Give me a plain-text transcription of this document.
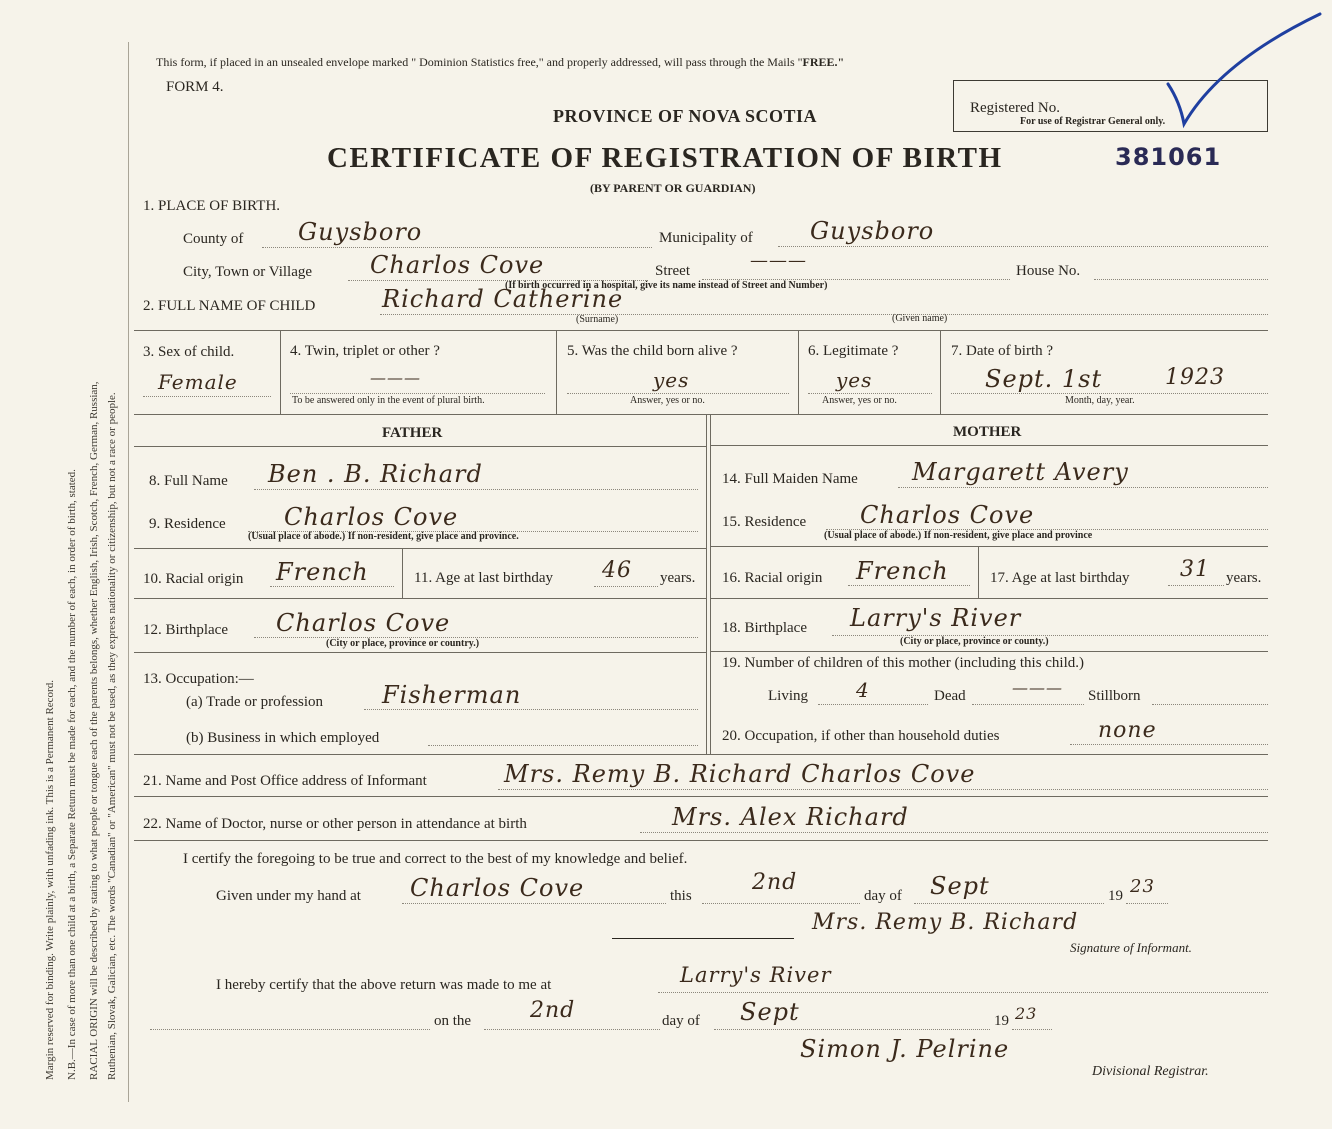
Margin reserved for binding. Write plainly, with unfading ink. This is a Permanent Record. N.B.—In case of more than one child at a birth, a Separate Return must be made for each, and the number of each, in order of birth, stated. RACIAL ORIGIN will be described by stating to what people or tongue each of the parents belongs, whether English, Irish, Scotch, French, German, Russian, Ruthenian, Slovak, Galician, etc. The words "Canadian" or "American" must not be used, as they express nationality or citizenship, but not a race or people.
This form, if placed in an unsealed envelope marked " Dominion Statistics free," and properly addressed, will pass through the Mails "FREE."
FORM 4.
PROVINCE OF NOVA SCOTIA
CERTIFICATE OF REGISTRATION OF BIRTH
(BY PARENT OR GUARDIAN)
Registered No.
For use of Registrar General only.
381061
1. PLACE OF BIRTH.
County of Guysboro	Municipality of Guysboro
City, Town or Village Charlos Cove	Street	———	House No.
(If birth occurred in a hospital, give its name instead of Street and Number)
2. FULL NAME OF CHILD	Richard Catherine
(Surname)	(Given name)
3. Sex of child.
Female
4. Twin, triplet or other ?
———
To be answered only in the event of plural birth.
5. Was the child born alive ?
yes
Answer, yes or no.
6. Legitimate ?
yes
Answer, yes or no.
7. Date of birth ?
Sept. 1st	1923
Month, day, year.
FATHER	MOTHER
8. Full Name Ben . B. Richard
9. Residence Charlos Cove
(Usual place of abode.) If non-resident, give place and province.
10. Racial origin French	11. Age at last birthday 46 years.
12. Birthplace Charlos Cove
(City or place, province or country.)
13. Occupation:—
(a) Trade or profession Fisherman
(b) Business in which employed
14. Full Maiden Name Margarett Avery
15. Residence Charlos Cove
(Usual place of abode.) If non-resident, give place and province
16. Racial origin French	17. Age at last birthday 31 years.
18. Birthplace Larry's River
(City or place, province or county.)
19. Number of children of this mother (including this child.)
Living 4	Dead	——— Stillborn
20. Occupation, if other than household duties	none
21. Name and Post Office address of Informant	Mrs. Remy B. Richard Charlos Cove
22. Name of Doctor, nurse or other person in attendance at birth	Mrs. Alex Richard
I certify the foregoing to be true and correct to the best of my knowledge and belief.
Given under my hand at Charlos Cove	this
2nd
day of Sept	19 23
Mrs. Remy B. Richard
Signature of Informant.
I hereby certify that the above return was made to me at	Larry's River
on the	2nd	day of Sept	19 23
Simon J. Pelrine
Divisional Registrar.
